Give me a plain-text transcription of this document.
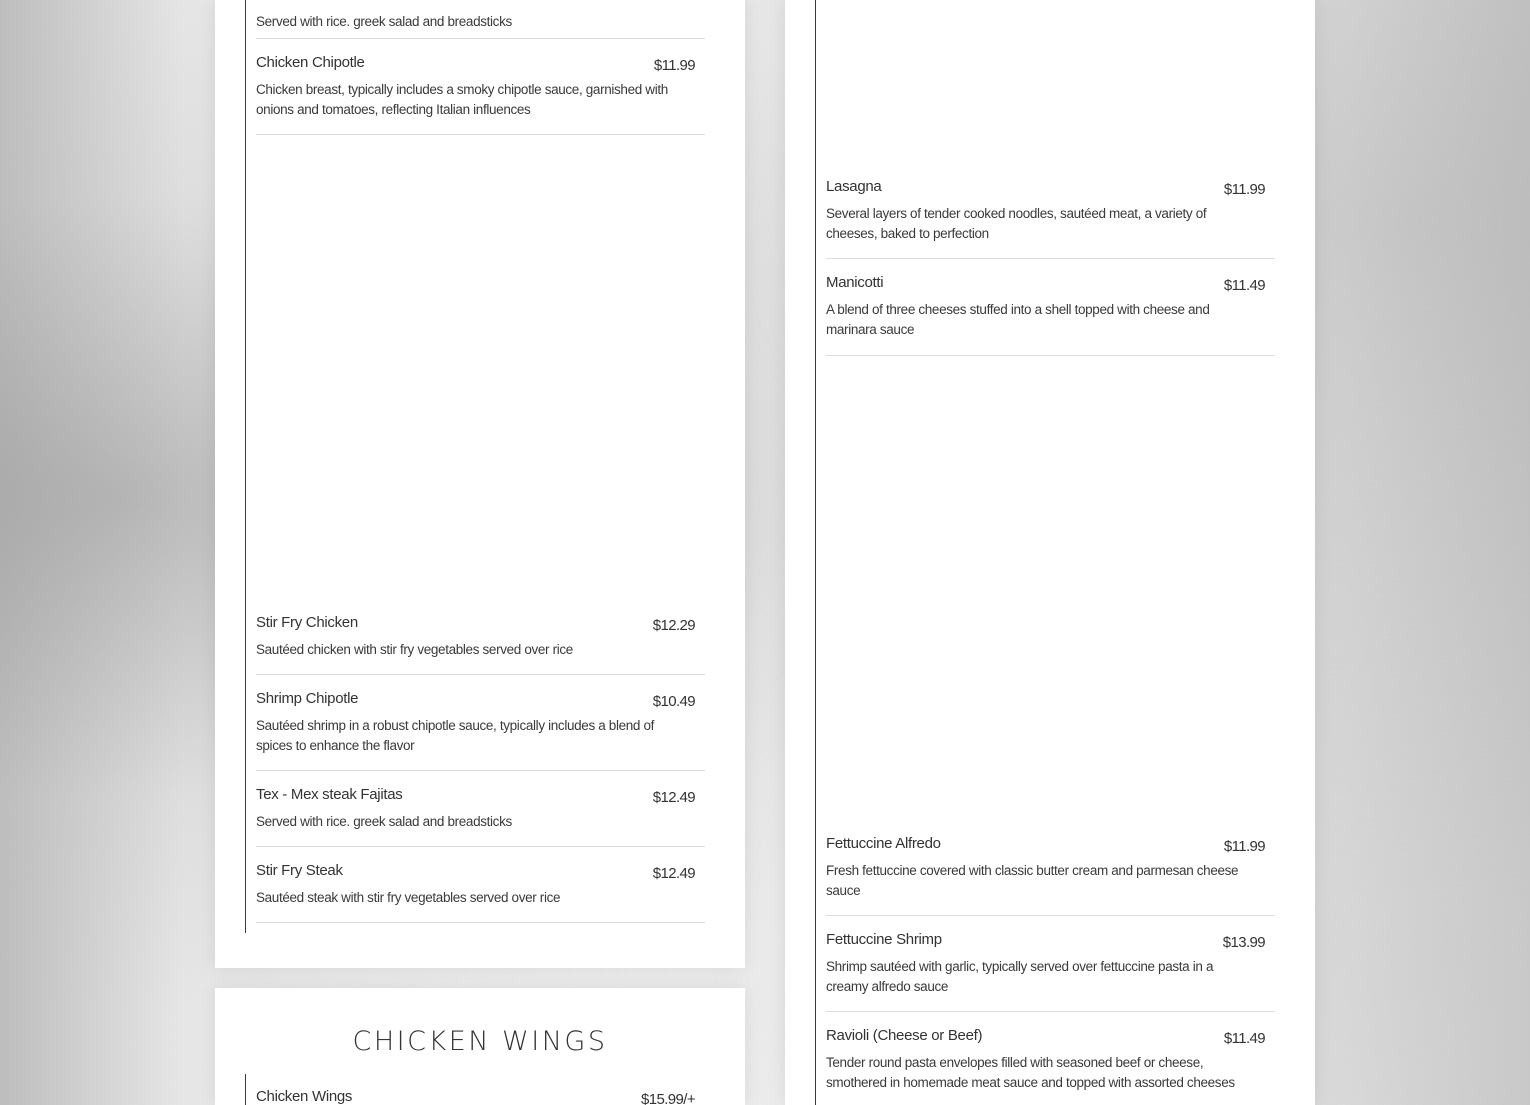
Served with rice. greek salad and breadsticks
Chicken Chipotle	$11.99
Chicken breast, typically includes a smoky chipotle sauce, garnished with onions and tomatoes, reflecting Italian influences
Stir Fry Chicken	$12.29
Sautéed chicken with stir fry vegetables served over rice
Shrimp Chipotle	$10.49
Sautéed shrimp in a robust chipotle sauce, typically includes a blend of spices to enhance the flavor
Tex - Mex steak Fajitas	$12.49
Served with rice. greek salad and breadsticks
Stir Fry Steak	$12.49
Sautéed steak with stir fry vegetables served over rice
CHICKEN WINGS
Chicken Wings	$15.99/+
Lasagna	$11.99
Several layers of tender cooked noodles, sautéed meat, a variety of cheeses, baked to perfection
Manicotti	$11.49
A blend of three cheeses stuffed into a shell topped with cheese and marinara sauce
Fettuccine Alfredo	$11.99
Fresh fettuccine covered with classic butter cream and parmesan cheese sauce
Fettuccine Shrimp	$13.99
Shrimp sautéed with garlic, typically served over fettuccine pasta in a creamy alfredo sauce
Ravioli (Cheese or Beef)	$11.49
Tender round pasta envelopes filled with seasoned beef or cheese, smothered in homemade meat sauce and topped with assorted cheeses
